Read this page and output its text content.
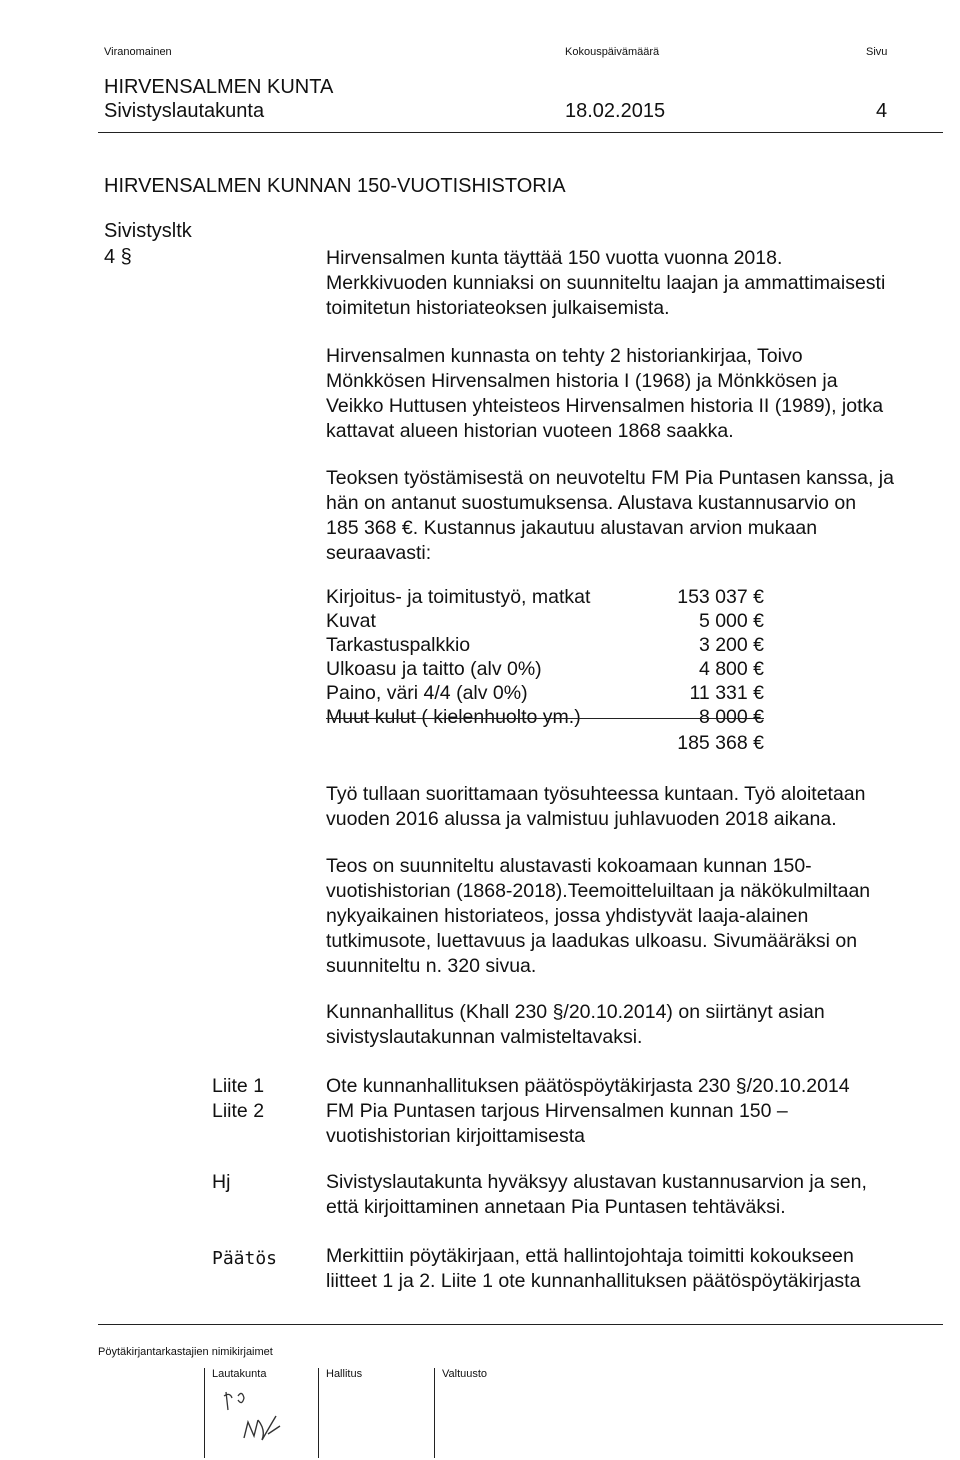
Viranomainen	Kokouspäivämäärä	Sivu
HIRVENSALMEN KUNTA
Sivistyslautakunta	18.02.2015	4
HIRVENSALMEN KUNNAN 150-VUOTISHISTORIA
Sivistysltk
4 §	Hirvensalmen kunta täyttää 150 vuotta vuonna 2018.

Merkkivuoden kunniaksi on suunniteltu laajan ja ammattimaisesti

toimitetun historiateoksen julkaisemista.

Hirvensalmen kunnasta on tehty 2 historiankirjaa, Toivo

Mönkkösen Hirvensalmen historia I (1968) ja Mönkkösen ja

Veikko Huttusen yhteisteos Hirvensalmen historia II (1989), jotka

kattavat alueen historian vuoteen 1868 saakka.

Teoksen työstämisestä on neuvoteltu FM Pia Puntasen kanssa, ja

hän on antanut suostumuksensa. Alustava kustannusarvio on

185 368 €. Kustannus jakautuu alustavan arvion mukaan

seuraavasti:

Kirjoitus- ja toimitustyö, matkat	153 037 €
Kuvat	5 000 €
Tarkastuspalkkio	3 200 €
Ulkoasu ja taitto (alv 0%)	4 800 €
Paino, väri 4/4 (alv 0%)	11 331 €
Muut kulut ( kielenhuolto ym.)	8 000 €
185 368 €

Työ tullaan suorittamaan työsuhteessa kuntaan. Työ aloitetaan

vuoden 2016 alussa ja valmistuu juhlavuoden 2018 aikana.

Teos on suunniteltu alustavasti kokoamaan kunnan 150-

vuotishistorian (1868-2018).Teemoitteluiltaan ja näkökulmiltaan

nykyaikainen historiateos, jossa yhdistyvät laaja-alainen

tutkimusote, luettavuus ja laadukas ulkoasu. Sivumääräksi on

suunniteltu n. 320 sivua.

Kunnanhallitus (Khall 230 §/20.10.2014) on siirtänyt asian

sivistyslautakunnan valmisteltavaksi.

Liite 1	Ote kunnanhallituksen päätöspöytäkirjasta 230 §/20.10.2014

Liite 2	FM Pia Puntasen tarjous Hirvensalmen kunnan 150 –

vuotishistorian kirjoittamisesta

Hj	Sivistyslautakunta hyväksyy alustavan kustannusarvion ja sen,

että kirjoittaminen annetaan Pia Puntasen tehtäväksi.

Päätös	Merkittiin pöytäkirjaan, että hallintojohtaja toimitti kokoukseen

liitteet 1 ja 2. Liite 1 ote kunnanhallituksen päätöspöytäkirjasta

Pöytäkirjantarkastajien nimikirjaimet
Lautakunta	Hallitus	Valtuusto
